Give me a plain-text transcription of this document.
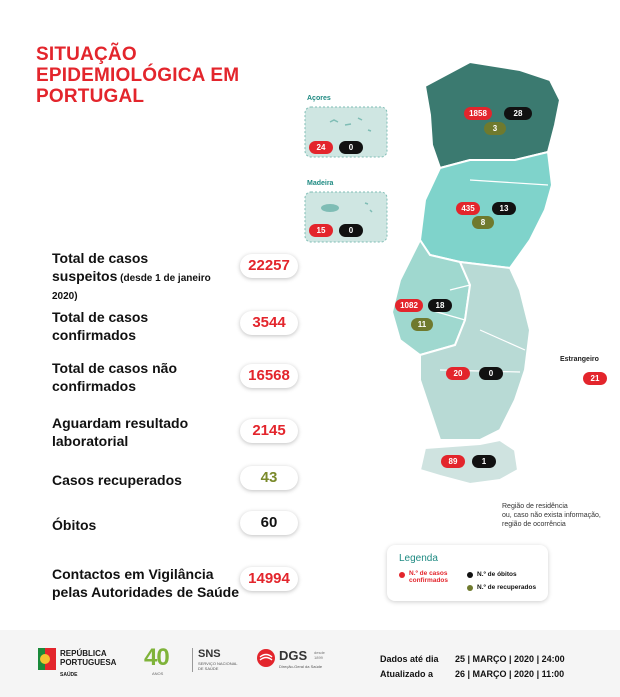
SITUAÇÃO
EPIDEMIOLÓGICA EM
PORTUGAL	Açores
Madeira
24	0
15	0
1858	28
3
435	13
8
1082	18
11
20	0
89	1
Estrangeiro
21
Região de residência
ou, caso não exista informação,
região de ocorrência
Total de casos
suspeitos (desde 1 de janeiro
2020)
22257
Total de casos
confirmados
3544
Total de casos não
confirmados
16568
Aguardam resultado
laboratorial
2145
Casos recuperados	43
Óbitos	60
Contactos em Vigilância
pelas Autoridades de Saúde
14994
Legenda
N.º de casos
confirmados
N.º de óbitos
N.º de recuperados
REPÚBLICA
PORTUGUESA
SAÚDE
40
ANOS
SNS
SERVIÇO NACIONAL
DE SAÚDE
DGS desde 1899
Direção-Geral da Saúde
Dados até dia 25 | MARÇO | 2020 | 24:00
Atualizado a 26 | MARÇO | 2020 | 11:00
